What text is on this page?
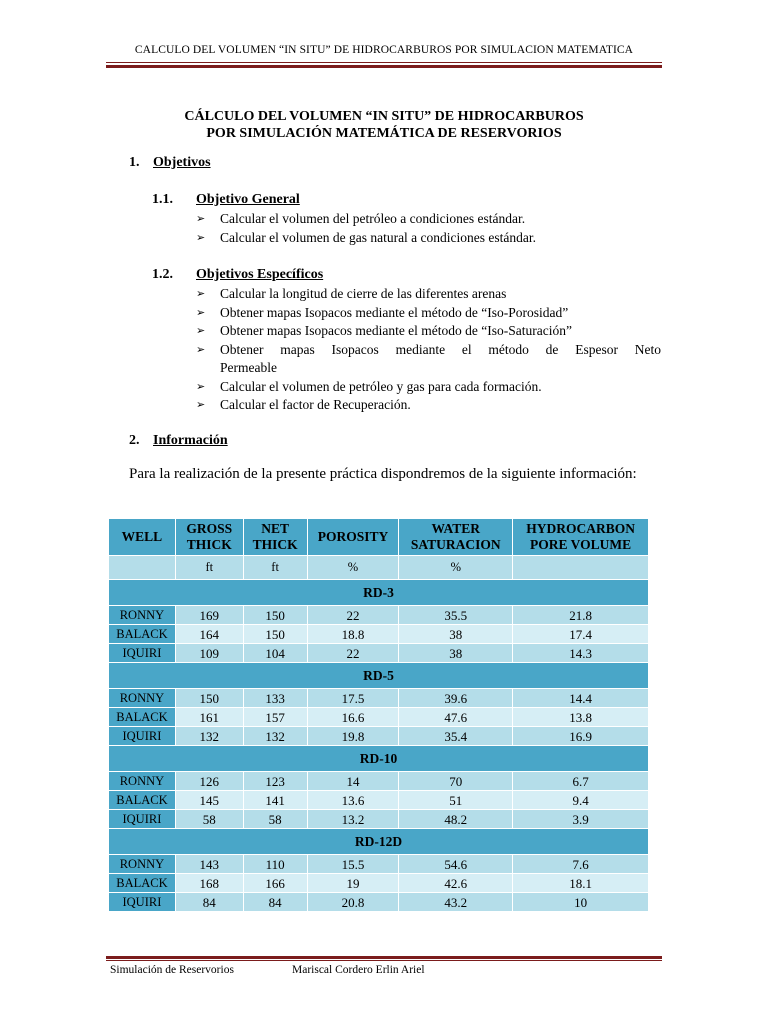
CALCULO DEL VOLUMEN “IN SITU” DE HIDROCARBUROS POR SIMULACION MATEMATICA
CÁLCULO DEL VOLUMEN “IN SITU” DE HIDROCARBUROS
POR SIMULACIÓN MATEMÁTICA DE RESERVORIOS
1. Objetivos
1.1. Objetivo General
➢ Calcular el volumen del petróleo a condiciones estándar.
➢ Calcular el volumen de gas natural a condiciones estándar.
1.2. Objetivos Específicos
➢ Calcular la longitud de cierre de las diferentes arenas
➢ Obtener mapas Isopacos mediante el método de “Iso-Porosidad”
➢ Obtener mapas Isopacos mediante el método de “Iso-Saturación”
➢ Obtener mapas Isopacos mediante el método de Espesor Neto
Permeable
➢ Calcular el volumen de petróleo y gas para cada formación.
➢ Calcular el factor de Recuperación.
2. Información
Para la realización de la presente práctica dispondremos de la siguiente información:
WELL	GROSS THICK	NET THICK	POROSITY	WATER SATURACION	HYDROCARBON PORE VOLUME
	ft	ft	%	%	
RD-3					
RONNY	169	150	22	35.5	21.8
BALACK	164	150	18.8	38	17.4
IQUIRI	109	104	22	38	14.3
RD-5					
RONNY	150	133	17.5	39.6	14.4
BALACK	161	157	16.6	47.6	13.8
IQUIRI	132	132	19.8	35.4	16.9
RD-10					
RONNY	126	123	14	70	6.7
BALACK	145	141	13.6	51	9.4
IQUIRI	58	58	13.2	48.2	3.9
RD-12D					
RONNY	143	110	15.5	54.6	7.6
BALACK	168	166	19	42.6	18.1
IQUIRI	84	84	20.8	43.2	10
Simulación de Reservorios	Mariscal Cordero Erlin Ariel
